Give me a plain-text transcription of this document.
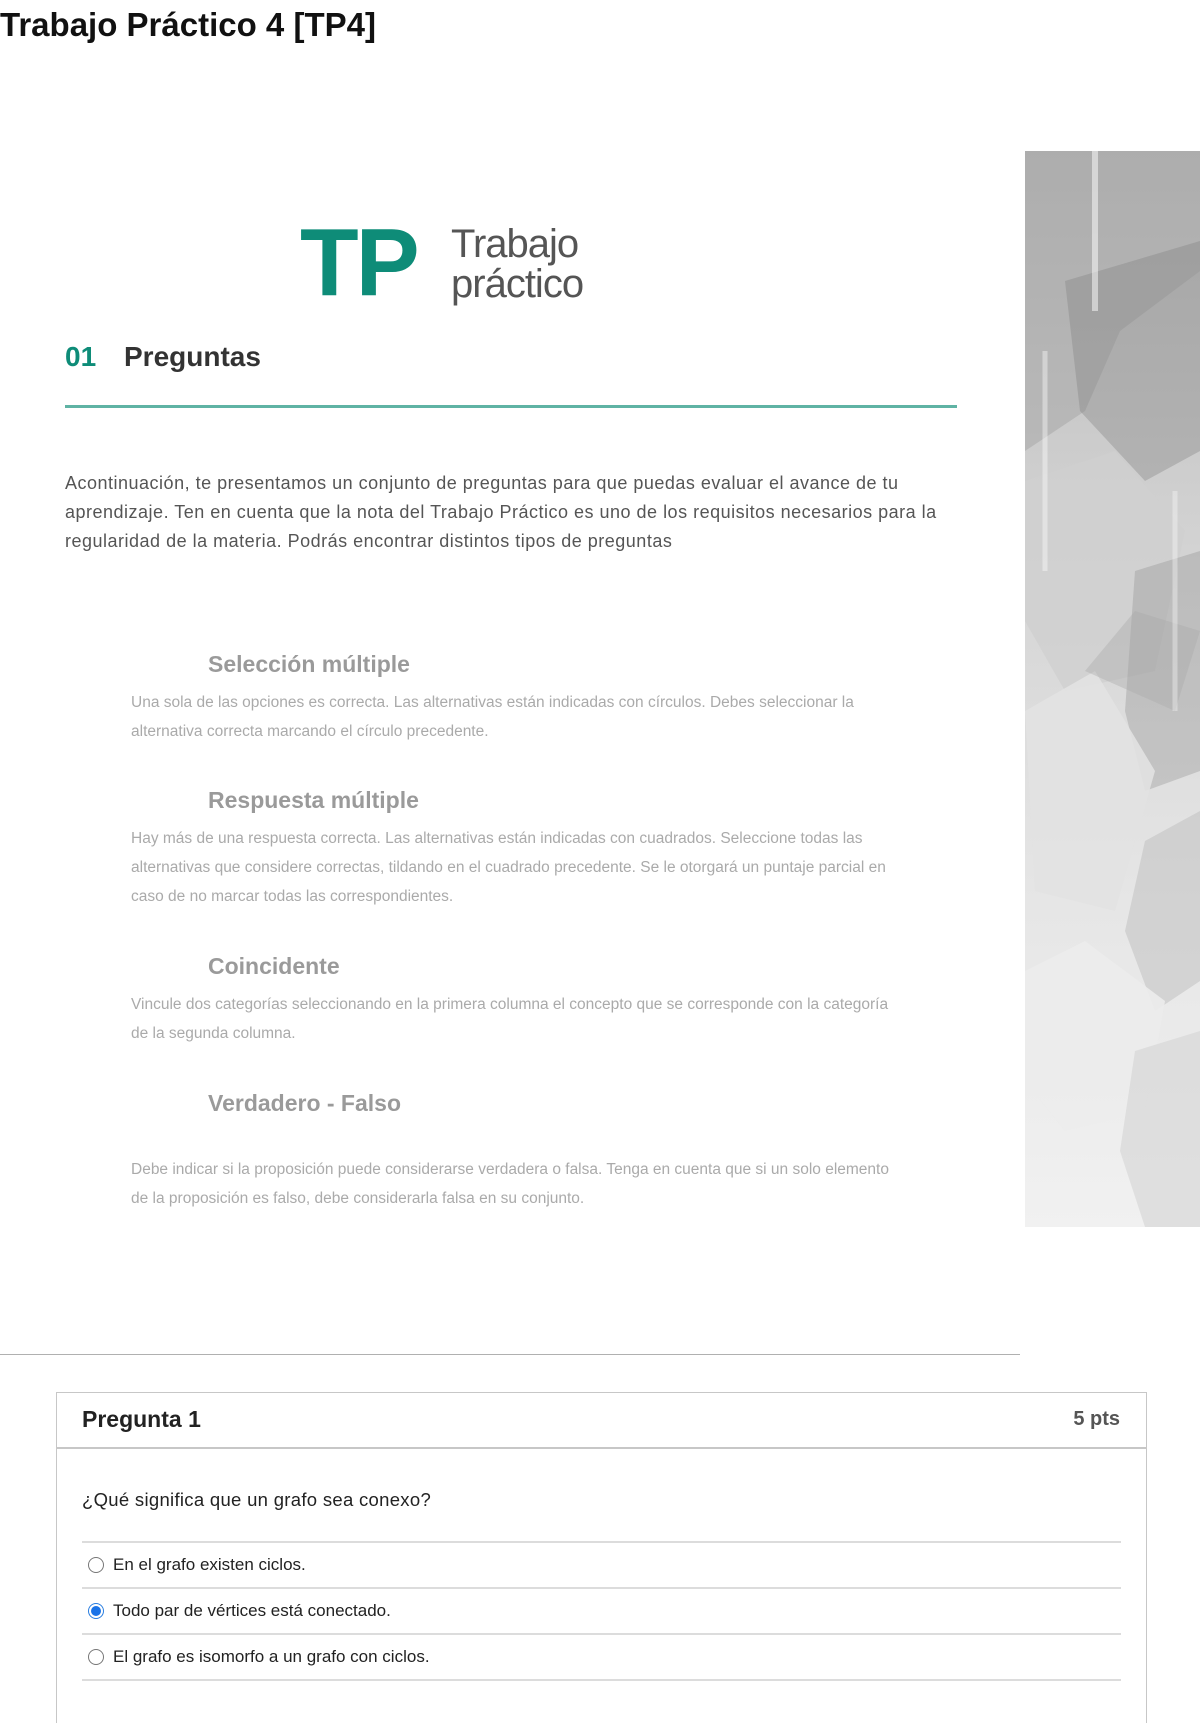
Trabajo Práctico 4 [TP4]
TP Trabajo
práctico
01 Preguntas

Acontinuación, te presentamos un conjunto de preguntas para que puedas evaluar el avance de tu aprendizaje. Ten en cuenta que la nota del Trabajo Práctico es uno de los requisitos necesarios para la regularidad de la materia. Podrás encontrar distintos tipos de preguntas

Selección múltiple
Una sola de las opciones es correcta. Las alternativas están indicadas con círculos. Debes seleccionar la alternativa correcta marcando el círculo precedente.
Respuesta múltiple
Hay más de una respuesta correcta. Las alternativas están indicadas con cuadrados. Seleccione todas las alternativas que considere correctas, tildando en el cuadrado precedente. Se le otorgará un puntaje parcial en caso de no marcar todas las correspondientes.
Coincidente
Vincule dos categorías seleccionando en la primera columna el concepto que se corresponde con la categoría de la segunda columna.
Verdadero - Falso
Debe indicar si la proposición puede considerarse verdadera o falsa. Tenga en cuenta que si un solo elemento de la proposición es falso, debe considerarla falsa en su conjunto.
Pregunta 1	5 pts
¿Qué significa que un grafo sea conexo?
En el grafo existen ciclos.
Todo par de vértices está conectado.
El grafo es isomorfo a un grafo con ciclos.
